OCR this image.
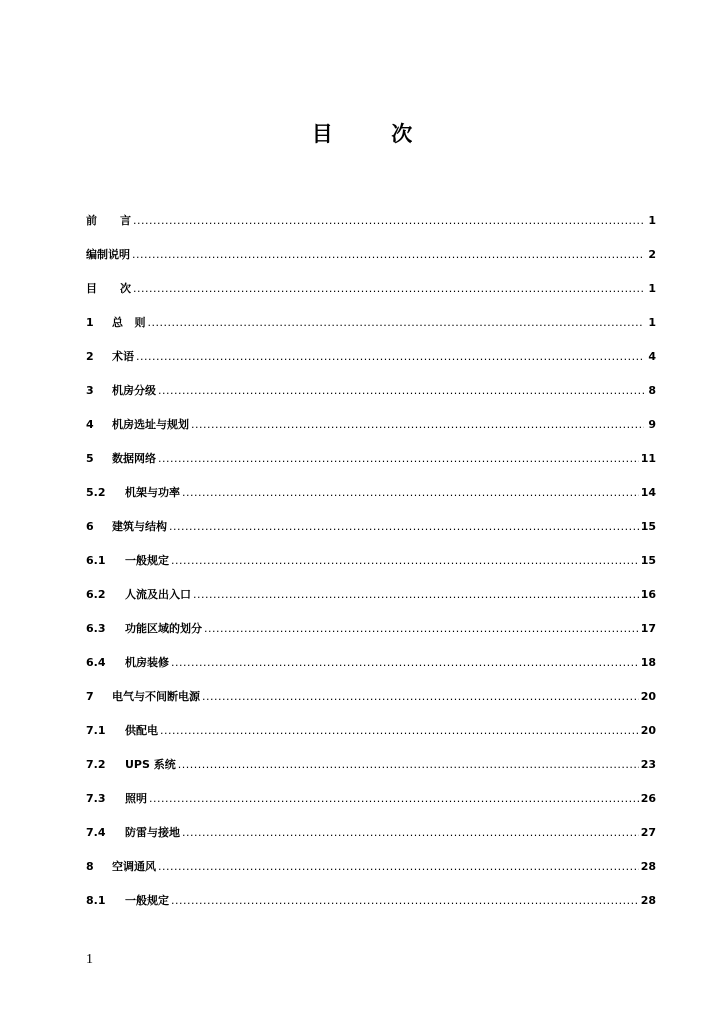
目        次
前      言 .....	1
编制说明 .....	2
目      次 .....	1
1	总   则 .....	1
2	术语 .....	4
3	机房分级 .....	8
4	机房选址与规划 .....	9
5	数据网络 .....	11
5.2	机架与功率 .....	14
6	建筑与结构 .....	15
6.1	一般规定 .....	15
6.2	人流及出入口 .....	16
6.3	功能区域的划分 .....	17
6.4	机房装修 .....	18
7	电气与不间断电源 .....	20
7.1	供配电 .....	20
7.2	UPS 系统 .....	23
7.3	照明 .....	26
7.4	防雷与接地 .....	27
8	空调通风 .....	28
8.1	一般规定 .....	28
1
